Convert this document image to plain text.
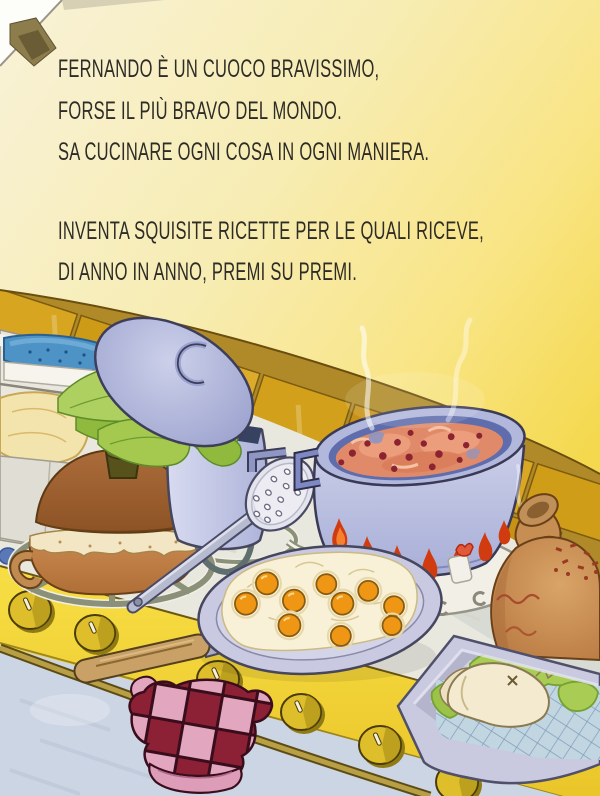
FERNANDO È UN CUOCO BRAVISSIMO,
FORSE IL PIÙ BRAVO DEL MONDO.
SA CUCINARE OGNI COSA IN OGNI MANIERA.

INVENTA SQUISITE RICETTE PER LE QUALI RICEVE,
DI ANNO IN ANNO, PREMI SU PREMI.
